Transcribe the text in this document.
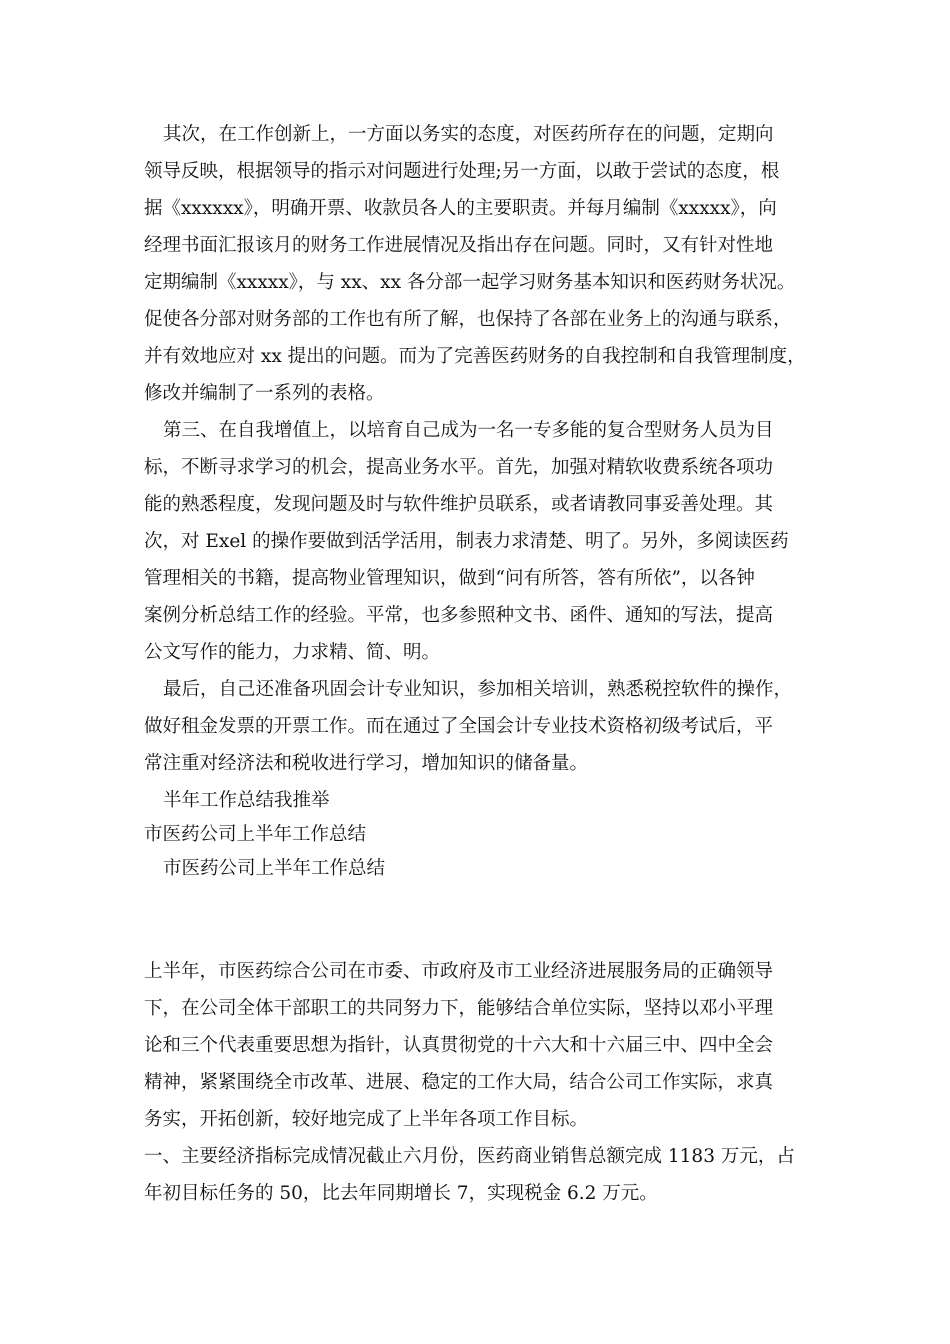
其次，在工作创新上，一方面以务实的态度，对医药所存在的问题，定期向
领导反映，根据领导的指示对问题进行处理;另一方面，以敢于尝试的态度，根
据《xxxxxx》，明确开票、收款员各人的主要职责。并每月编制《xxxxx》，向
经理书面汇报该月的财务工作进展情况及指出存在问题。同时，又有针对性地
定期编制《xxxxx》，与 xx、xx 各分部一起学习财务基本知识和医药财务状况。
促使各分部对财务部的工作也有所了解，也保持了各部在业务上的沟通与联系，
并有效地应对 xx 提出的问题。而为了完善医药财务的自我控制和自我管理制度，
修改并编制了一系列的表格。
第三、在自我增值上，以培育自己成为一名一专多能的复合型财务人员为目
标，不断寻求学习的机会，提高业务水平。首先，加强对精软收费系统各项功
能的熟悉程度，发现问题及时与软件维护员联系，或者请教同事妥善处理。其
次，对 Exel 的操作要做到活学活用，制表力求清楚、明了。另外，多阅读医药
管理相关的书籍，提高物业管理知识，做到“问有所答，答有所依”，以各钟
案例分析总结工作的经验。平常，也多参照种文书、函件、通知的写法，提高
公文写作的能力，力求精、简、明。
最后，自己还准备巩固会计专业知识，参加相关培训，熟悉税控软件的操作，
做好租金发票的开票工作。而在通过了全国会计专业技术资格初级考试后，平
常注重对经济法和税收进行学习，增加知识的储备量。
半年工作总结我推举
市医药公司上半年工作总结
市医药公司上半年工作总结
上半年，市医药综合公司在市委、市政府及市工业经济进展服务局的正确领导
下，在公司全体干部职工的共同努力下，能够结合单位实际，坚持以邓小平理
论和三个代表重要思想为指针，认真贯彻党的十六大和十六届三中、四中全会
精神，紧紧围绕全市改革、进展、稳定的工作大局，结合公司工作实际，求真
务实，开拓创新，较好地完成了上半年各项工作目标。
一、主要经济指标完成情况截止六月份，医药商业销售总额完成 1183 万元，占
年初目标任务的 50，比去年同期增长 7，实现税金 6.2 万元。
